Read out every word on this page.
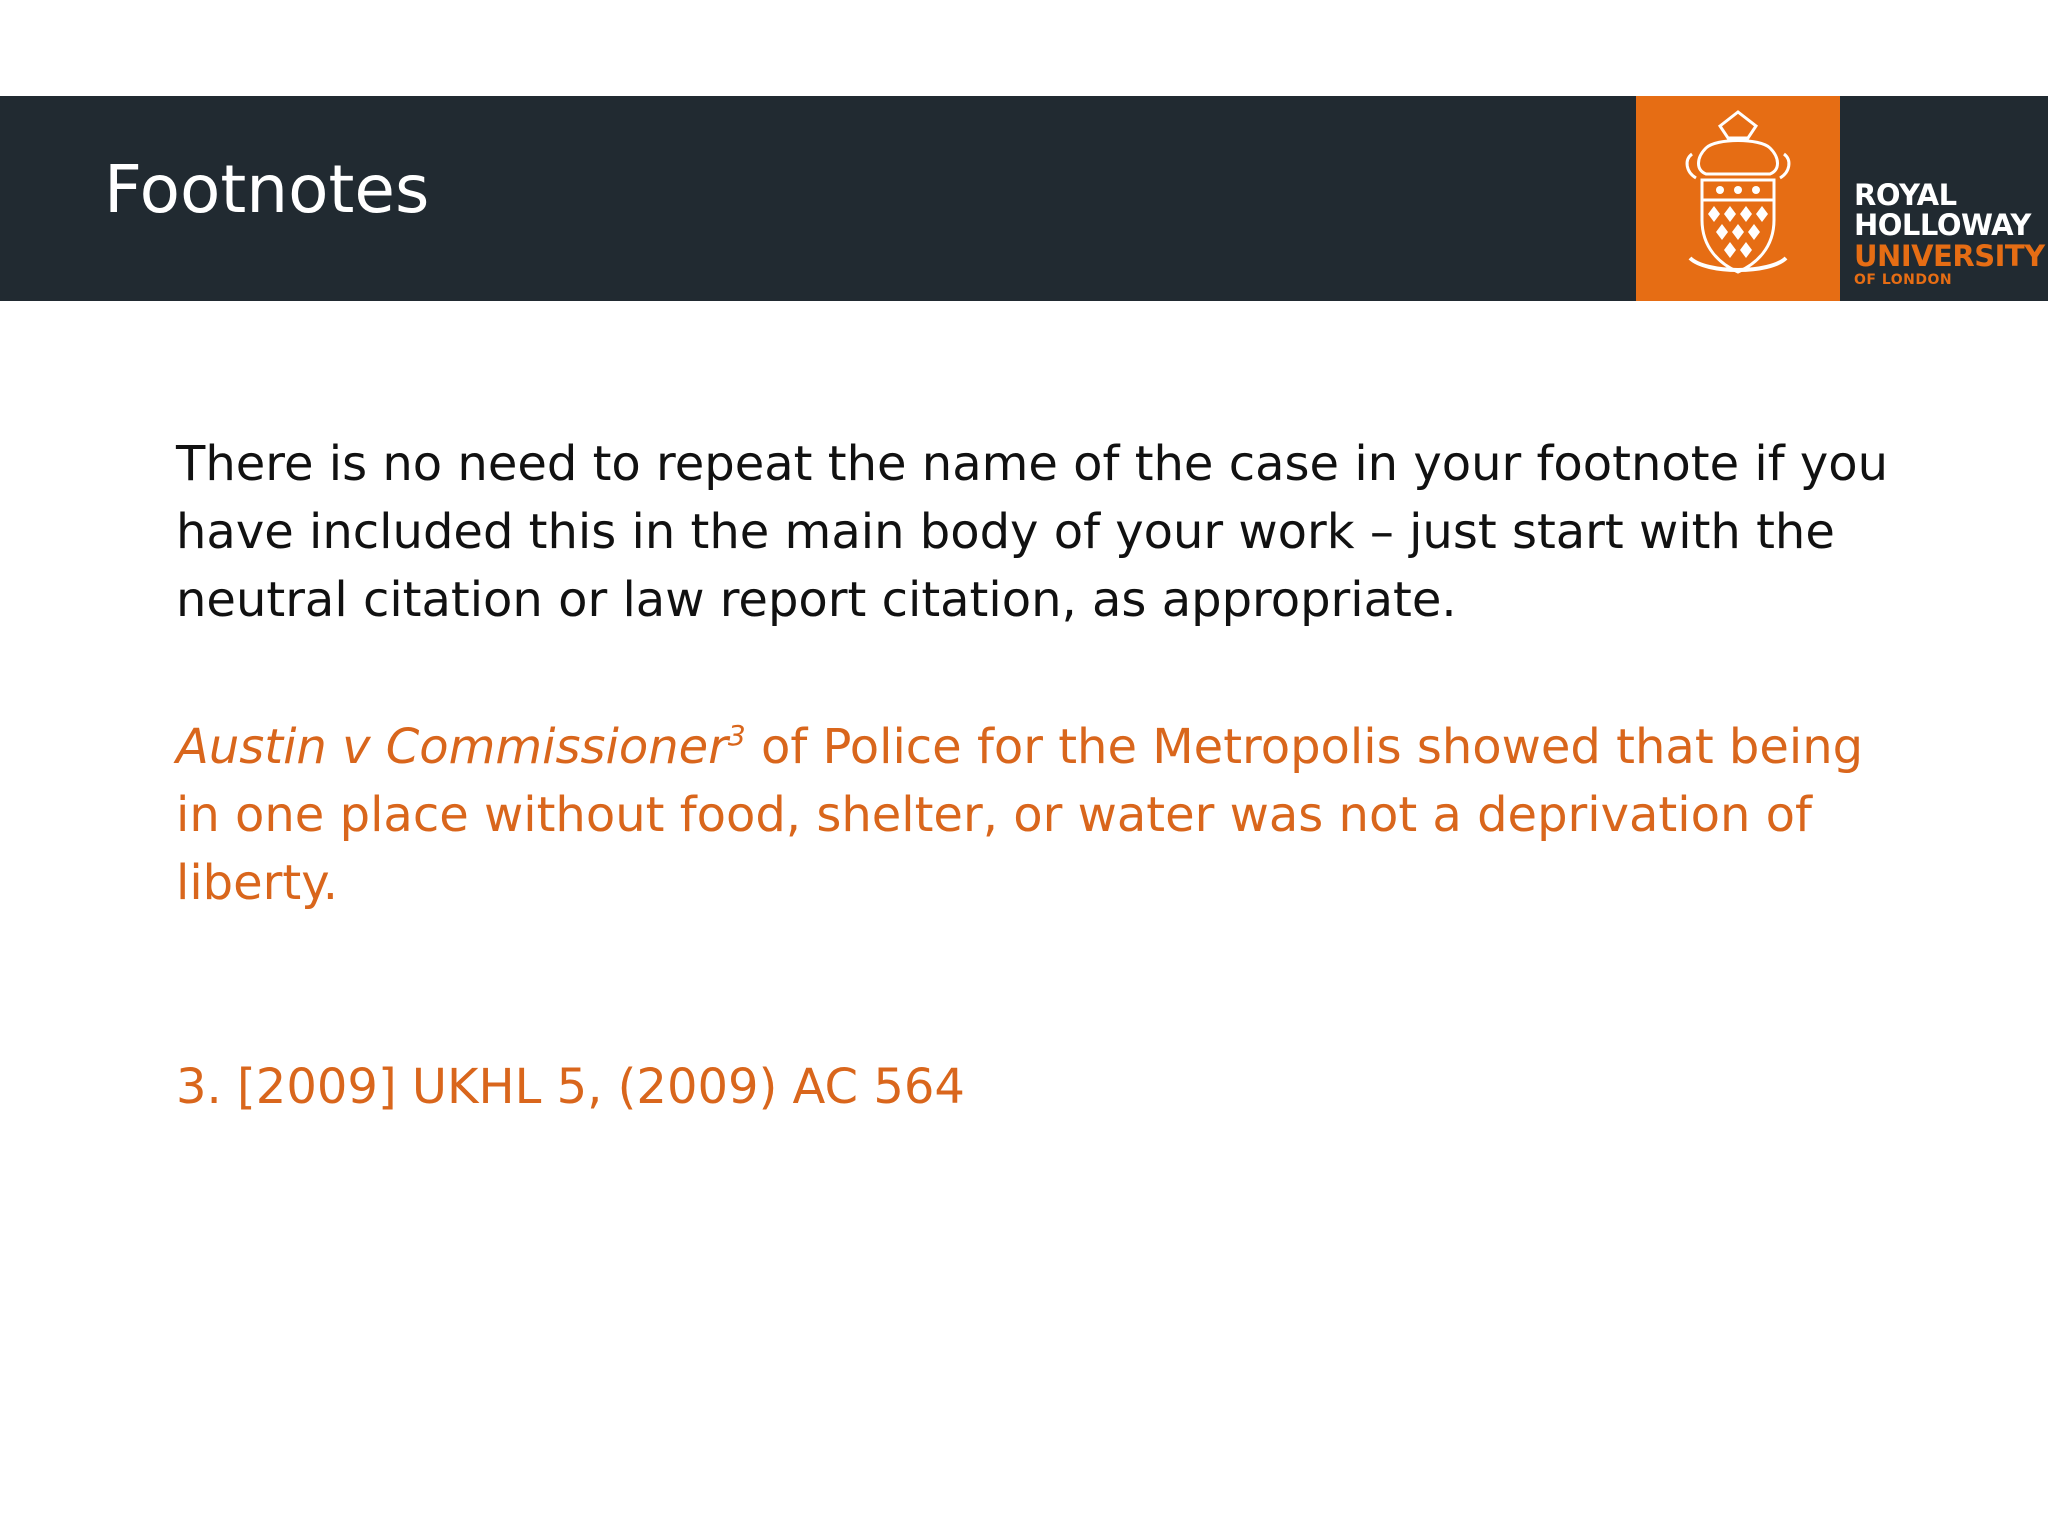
Footnotes	ROYAL
HOLLOWAY
UNIVERSITY
OF LONDON

There is no need to repeat the name of the case in your footnote if you
have included this in the main body of your work – just start with the
neutral citation or law report citation, as appropriate.

Austin v Commissioner$^3$ of Police for the Metropolis showed that being
in one place without food, shelter, or water was not a deprivation of
liberty.

3. [2009] UKHL 5, (2009) AC 564
